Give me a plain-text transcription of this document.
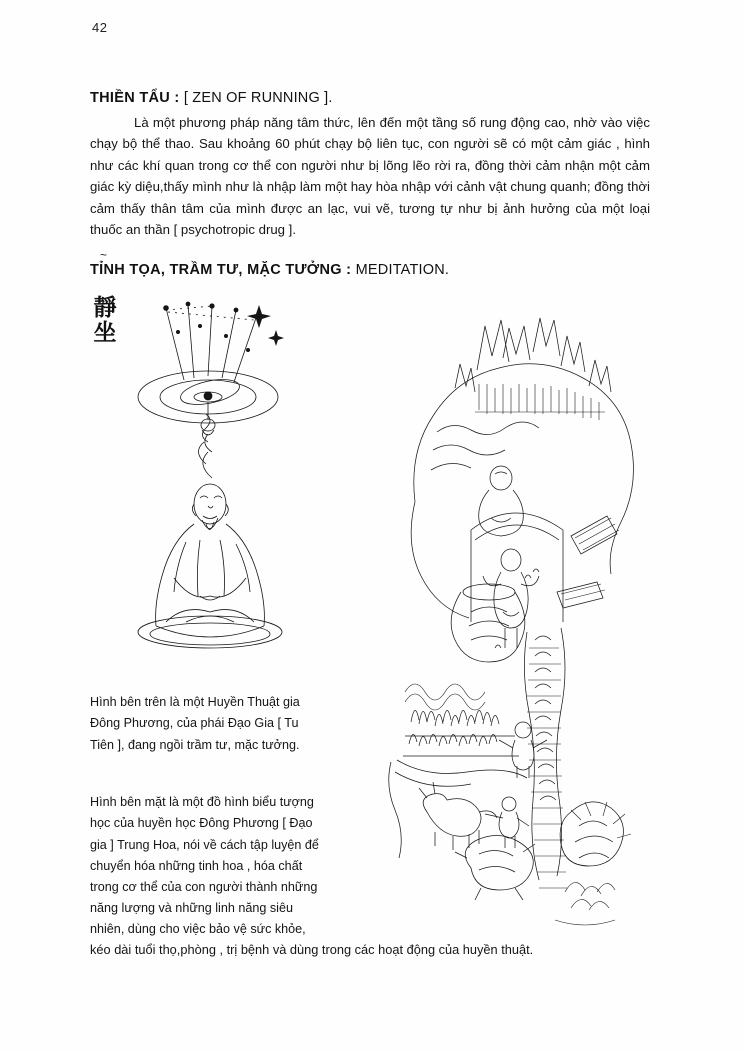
42
THIỀN TẨU : [ ZEN OF RUNNING ].

Là một phương pháp năng tâm thức, lên đến một tầng số rung động cao, nhờ vào việc chạy bộ thể thao. Sau khoảng 60 phút chạy bộ liên tục, con người sẽ có một cảm giác , hình như các khí quan trong cơ thể con người như bị lõng lẽo rời ra, đồng thời cảm nhận một cảm giác kỳ diệu,thấy mình như là nhập làm một hay hòa nhập với cảnh vật chung quanh; đồng thời cảm thấy thân tâm của mình được an lạc, vui vẽ, tương tự như bị ảnh hưởng của một loại thuốc an thần [ psychotropic drug ].

~
TỈNH TỌA, TRẦM TƯ, MẶC TƯỞNG : MEDITATION.
靜坐
Hình bên trên là một Huyền Thuật gia Đông Phương, của phái Đạo Gia [ Tu Tiên ], đang ngồi trầm tư, mặc tưởng.
Hình bên mặt là một đồ hình biểu tượng học của huyền học Đông Phương [ Đạo gia ] Trung Hoa, nói về cách tập luyện để chuyển hóa những tinh hoa , hóa chất trong cơ thể của con người thành những năng lượng và những linh năng siêu nhiên, dùng cho việc bảo vệ sức khỏe,
kéo dài tuổi thọ,phòng , trị bệnh và dùng trong các hoạt động của huyền thuật.
